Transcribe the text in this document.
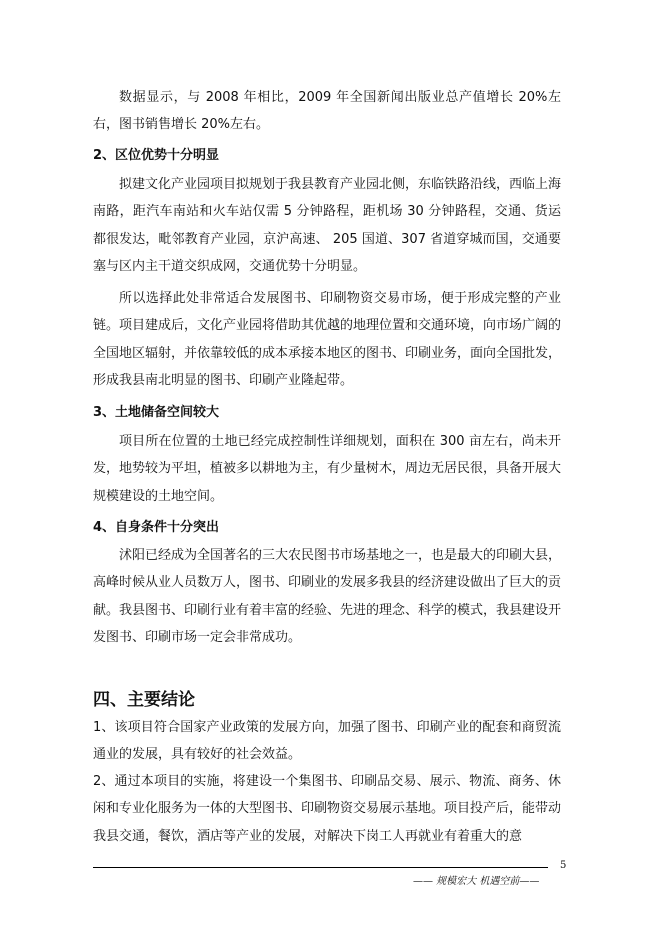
数据显示，与 2008 年相比，2009 年全国新闻出版业总产值增长 20%左右，图书销售增长 20%左右。

2、区位优势十分明显

拟建文化产业园项目拟规划于我县教育产业园北侧，东临铁路沿线，西临上海南路，距汽车南站和火车站仅需 5 分钟路程，距机场 30 分钟路程，交通、货运都很发达，毗邻教育产业园，京沪高速、 205 国道、307 省道穿城而国，交通要塞与区内主干道交织成网，交通优势十分明显。

所以选择此处非常适合发展图书、印刷物资交易市场，便于形成完整的产业链。项目建成后，文化产业园将借助其优越的地理位置和交通环境，向市场广阔的全国地区辐射，并依靠较低的成本承接本地区的图书、印刷业务，面向全国批发，形成我县南北明显的图书、印刷产业隆起带。

3、土地储备空间较大

项目所在位置的土地已经完成控制性详细规划，面积在 300 亩左右，尚未开发，地势较为平坦，植被多以耕地为主，有少量树木，周边无居民很，具备开展大规模建设的土地空间。

4、自身条件十分突出

沭阳已经成为全国著名的三大农民图书市场基地之一，也是最大的印刷大县，高峰时候从业人员数万人，图书、印刷业的发展多我县的经济建设做出了巨大的贡献。我县图书、印刷行业有着丰富的经验、先进的理念、科学的模式，我县建设开发图书、印刷市场一定会非常成功。

四、主要结论

1、该项目符合国家产业政策的发展方向，加强了图书、印刷产业的配套和商贸流通业的发展，具有较好的社会效益。

2、通过本项目的实施，将建设一个集图书、印刷品交易、展示、物流、商务、休闲和专业化服务为一体的大型图书、印刷物资交易展示基地。项目投产后，能带动我县交通，餐饮，酒店等产业的发展，对解决下岗工人再就业有着重大的意

5
—— 规模宏大 机遇空前——
